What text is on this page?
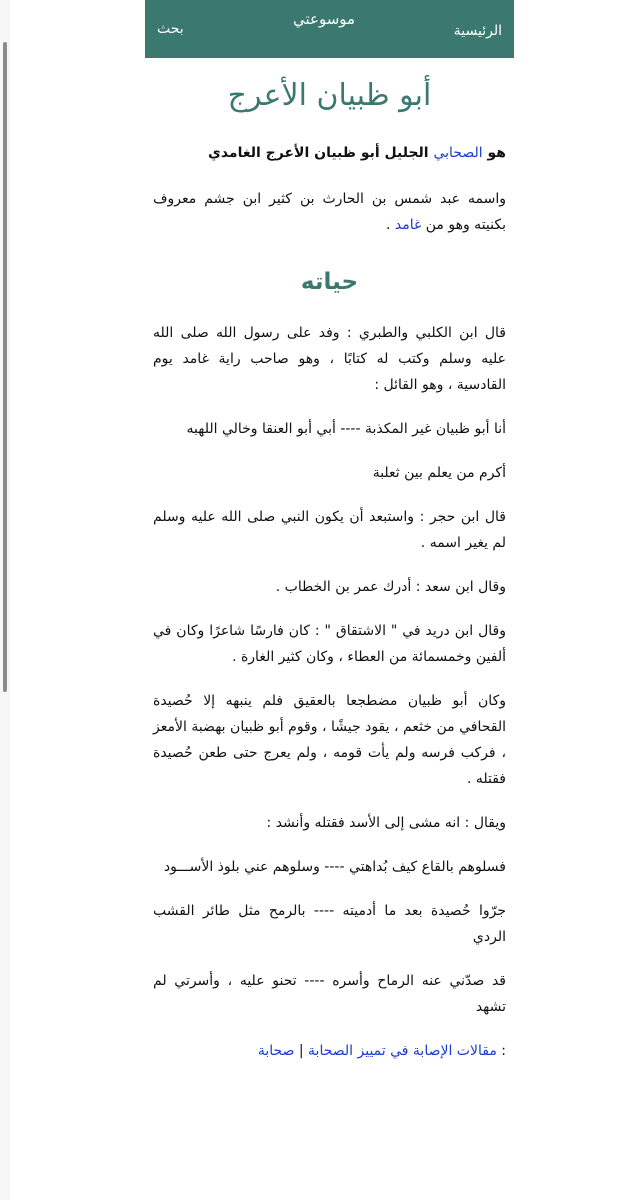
الرئيسية
موسوعتي
بحث
أبو ظبيان الأعرج

هو الصحابي الجليل أبو ظبيان الأعرج الغامدي

واسمه عبد شمس بن الحارث بن كثير ابن جشم معروف بكنيته وهو من غامد .

حياته

قال ابن الكلبي والطبري : وفد على رسول الله صلى الله عليه وسلم وكتب له كتابًا ، وهو صاحب راية غامد يوم القادسية ، وهو القائل :

أنا أبو ظبيان غير المكذبة ---- أبي أبو العنقا وخالي اللهبه

أكرم من يعلم بين ثعلبة

قال ابن حجر : واستبعد أن يكون النبي صلى الله عليه وسلم لم يغير اسمه .

وقال ابن سعد : أدرك عمر بن الخطاب .

وقال ابن دريد في " الاشتقاق " : كان فارسًا شاعرًا وكان في ألفين وخمسمائة من العطاء ، وكان كثير الغارة .

وكان أبو ظبيان مضطجعا بالعقيق فلم ينبهه إلا حُصيدة القحافي من خثعم ، يقود جيشًا ، وقوم أبو ظبيان بهضبة الأمعز ، فركب فرسه ولم يأت قومه ، ولم يعرج حتى طعن حُصيدة فقتله .

ويقال : انه مشى إلى الأسد فقتله وأنشد :

فسلوهم بالقاع كيف بُداهتي ---- وسلوهم عني بلوذ الأســـود

جرّوا حُصيدة بعد ما أدميته ---- بالرمح مثل طائر القشب الردي

قد صدّني عنه الرماح وأسره ---- تحنو عليه ، وأسرتي لم تشهد

: مقالات الإصابة في تمييز الصحابة | صحابة
